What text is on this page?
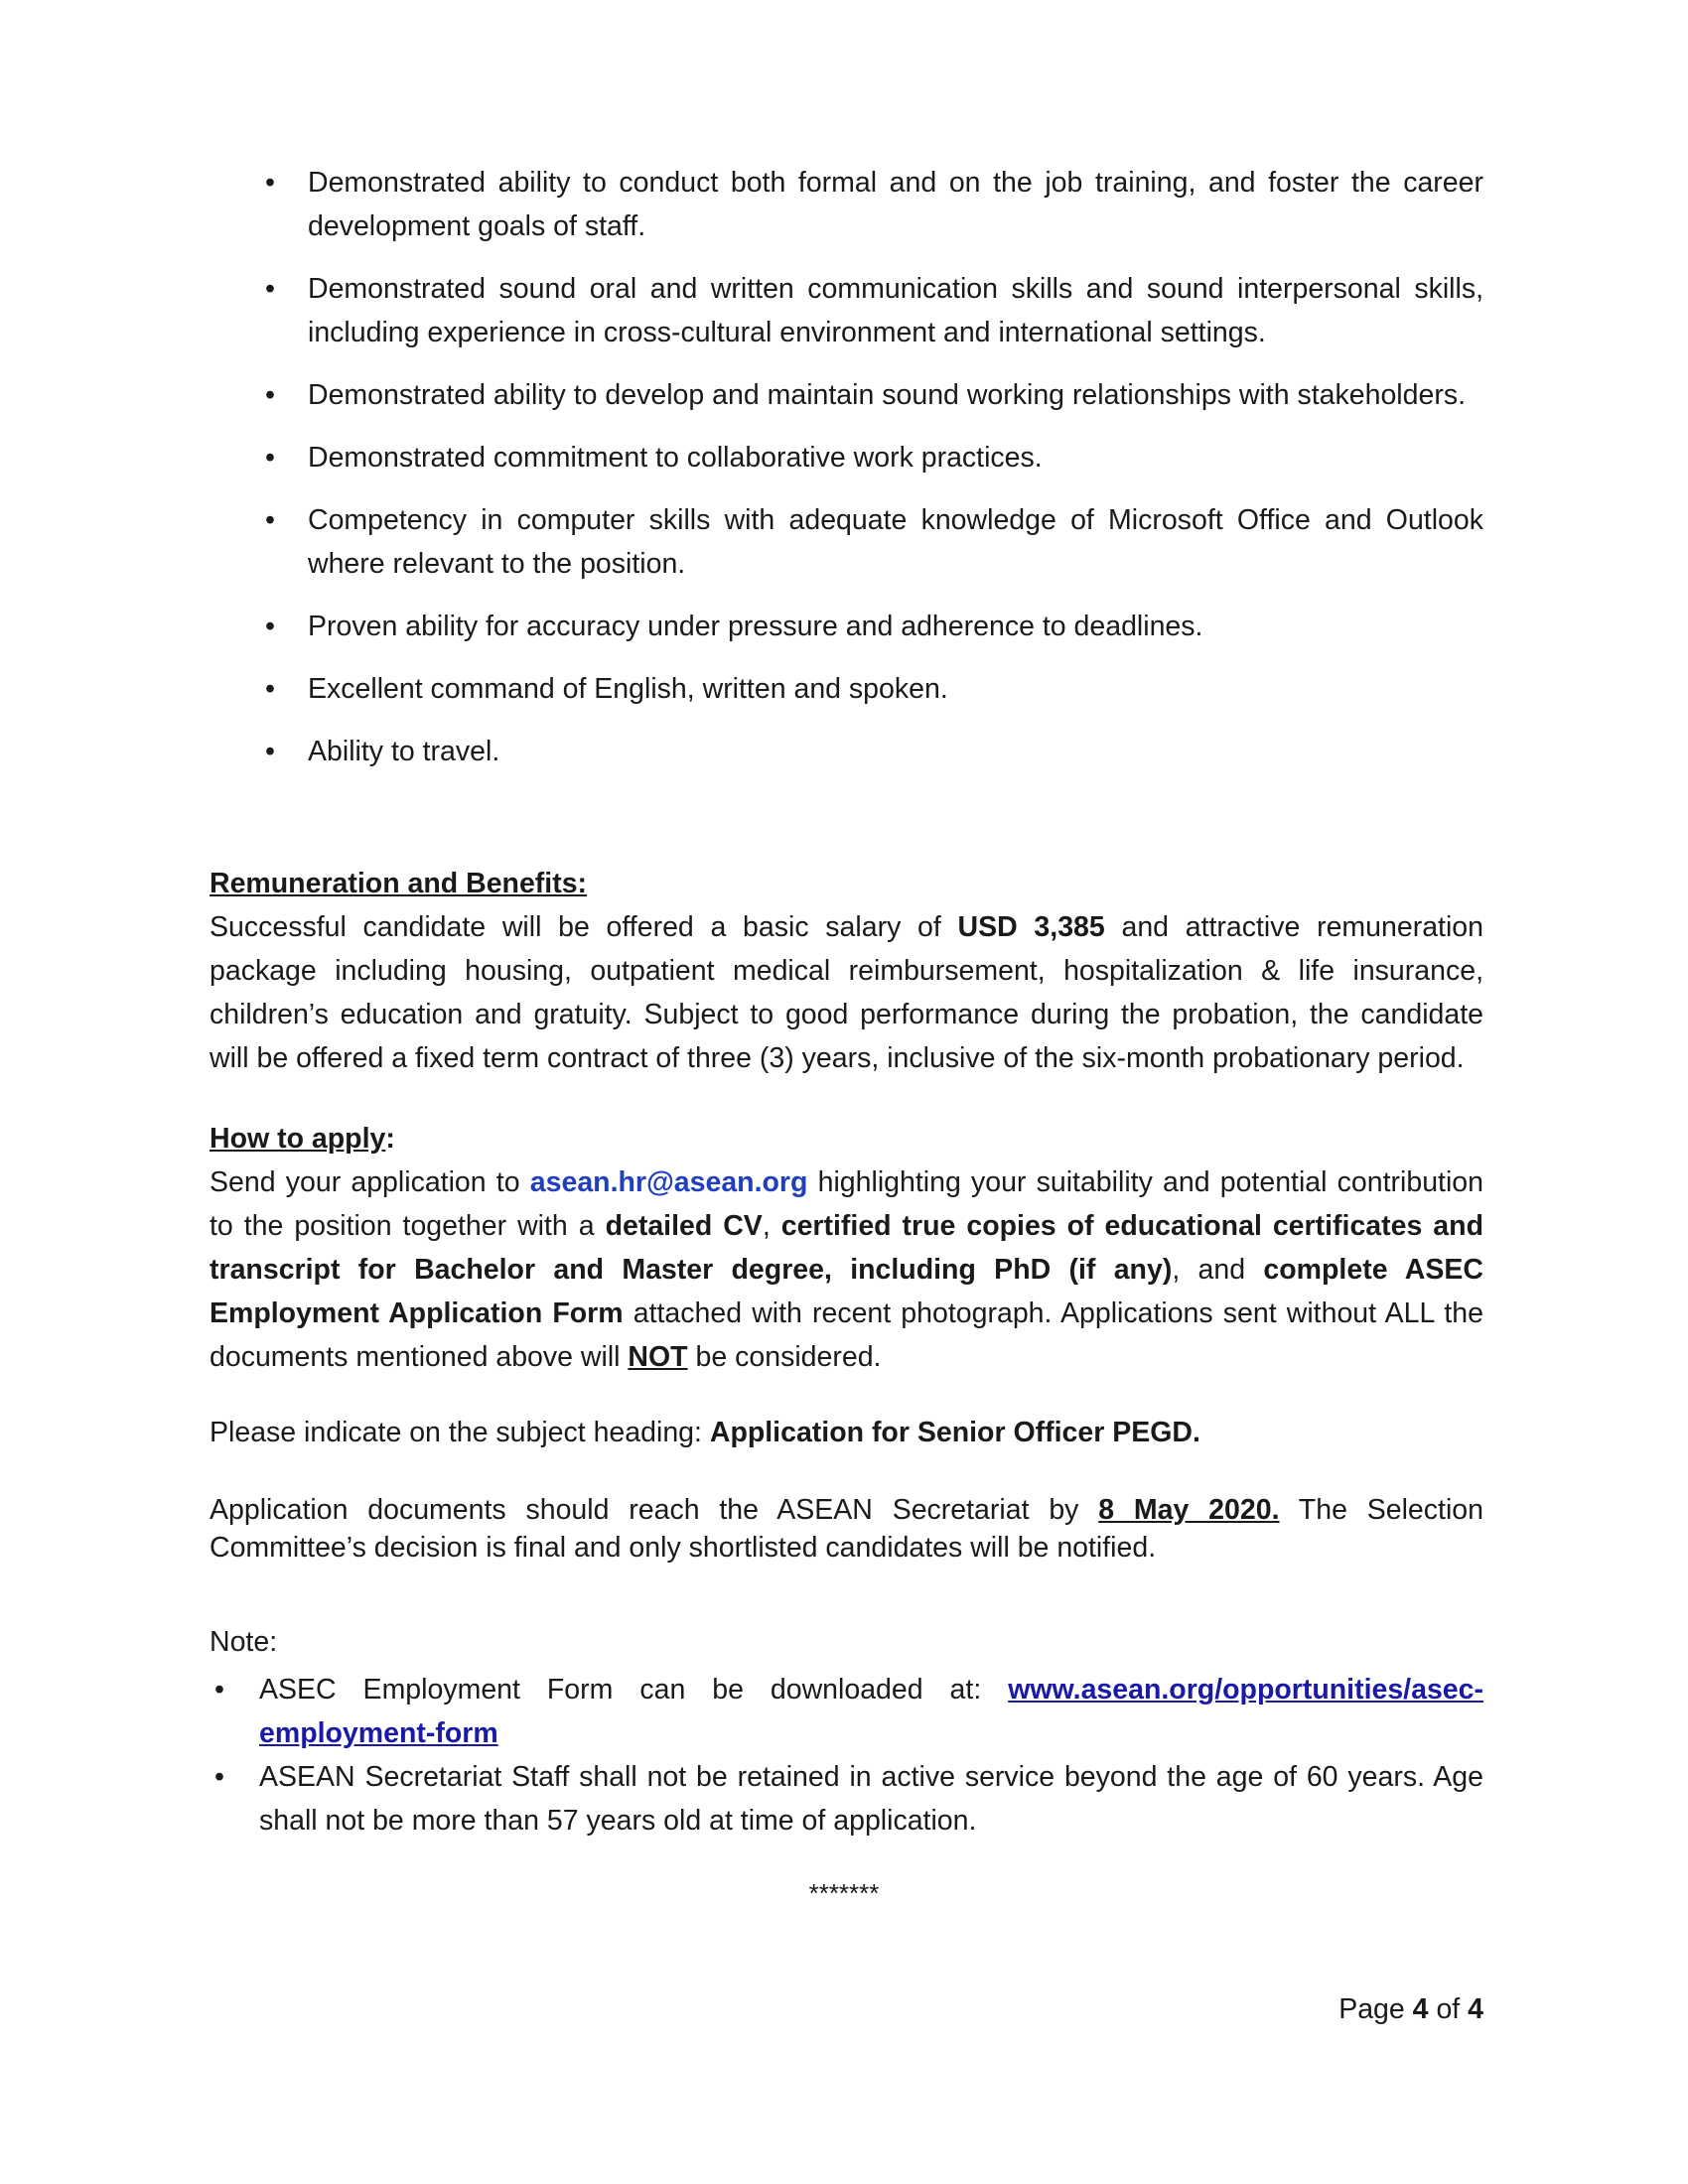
• Demonstrated ability to conduct both formal and on the job training, and foster the career development goals of staff.
• Demonstrated sound oral and written communication skills and sound interpersonal skills, including experience in cross-cultural environment and international settings.
• Demonstrated ability to develop and maintain sound working relationships with stakeholders.
• Demonstrated commitment to collaborative work practices.
• Competency in computer skills with adequate knowledge of Microsoft Office and Outlook where relevant to the position.
• Proven ability for accuracy under pressure and adherence to deadlines.
• Excellent command of English, written and spoken.
• Ability to travel.

Remuneration and Benefits:

Successful candidate will be offered a basic salary of USD 3,385 and attractive remuneration package including housing, outpatient medical reimbursement, hospitalization & life insurance, children’s education and gratuity. Subject to good performance during the probation, the candidate will be offered a fixed term contract of three (3) years, inclusive of the six-month probationary period.

How to apply:

Send your application to asean.hr@asean.org highlighting your suitability and potential contribution to the position together with a detailed CV, certified true copies of educational certificates and transcript for Bachelor and Master degree, including PhD (if any), and complete ASEC Employment Application Form attached with recent photograph. Applications sent without ALL the documents mentioned above will NOT be considered.

Please indicate on the subject heading: Application for Senior Officer PEGD.

Application documents should reach the ASEAN Secretariat by 8 May 2020. The Selection Committee’s decision is final and only shortlisted candidates will be notified.

Note:

• ASEC Employment Form can be downloaded at: www.asean.org/opportunities/asec-employment-form
• ASEAN Secretariat Staff shall not be retained in active service beyond the age of 60 years. Age shall not be more than 57 years old at time of application.
*******
Page 4 of 4
